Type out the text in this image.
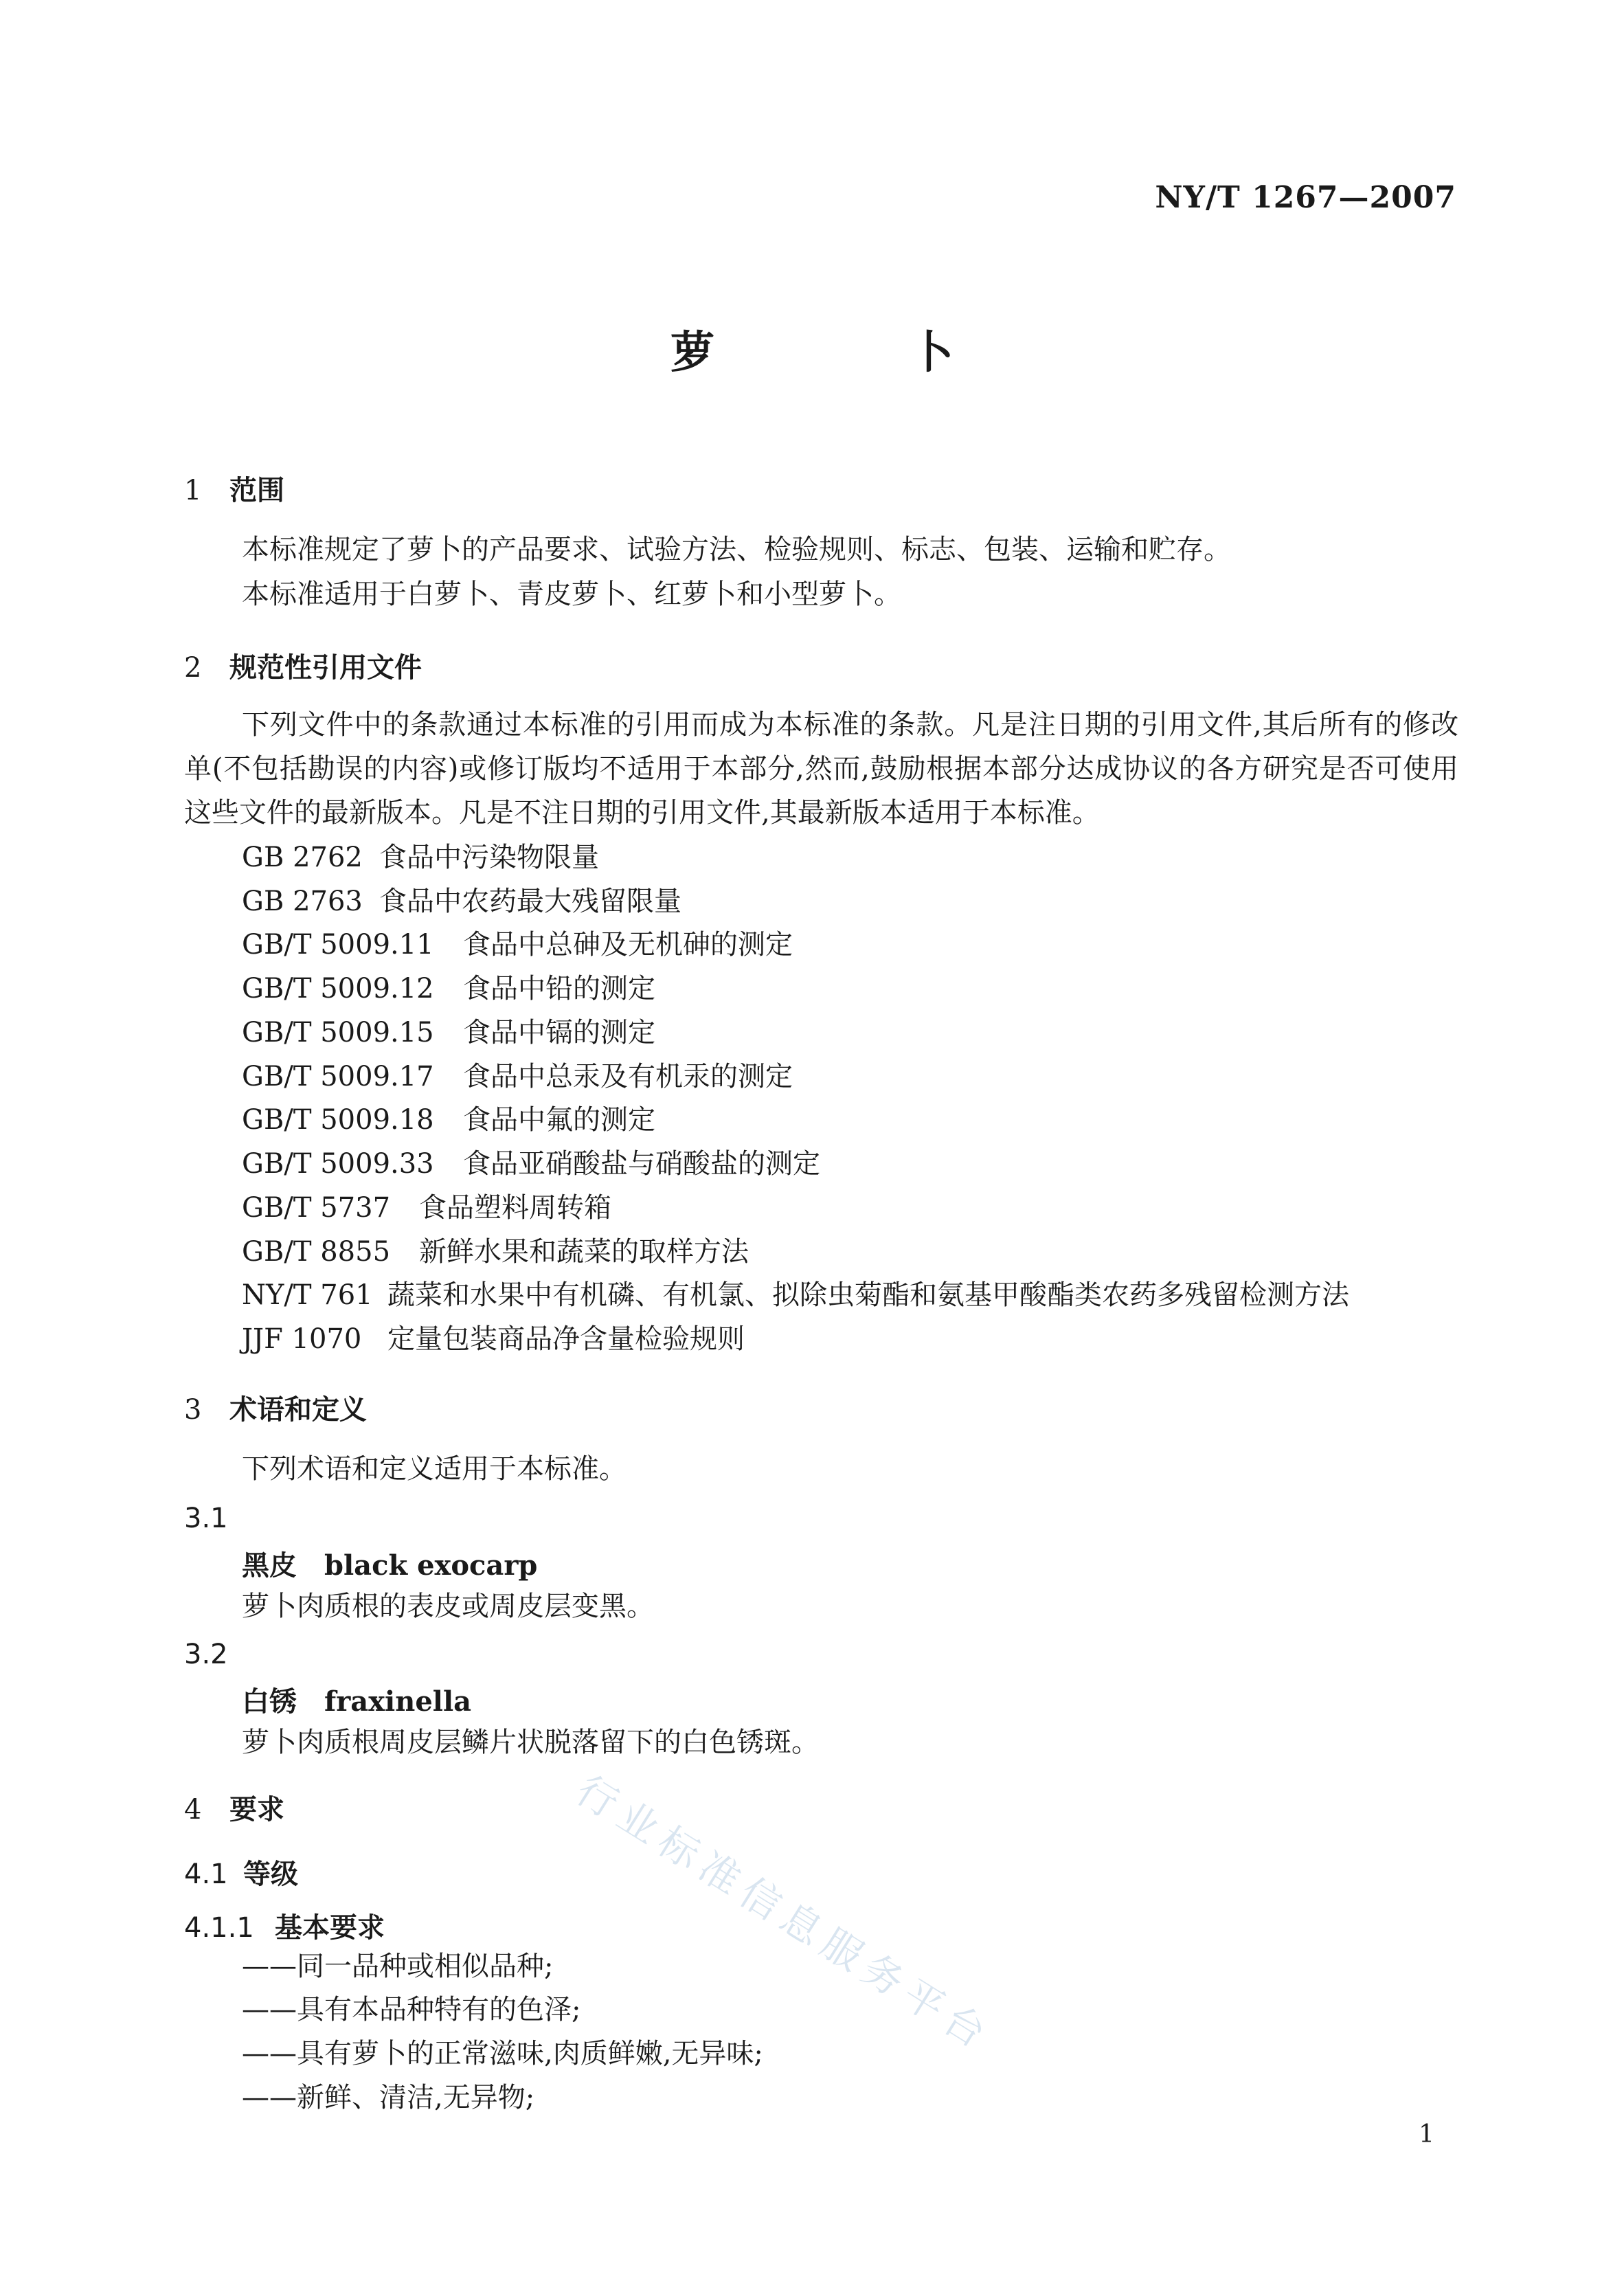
NY/T 1267—2007
萝　卜
1 范围
本标准规定了萝卜的产品要求、试验方法、检验规则、标志、包装、运输和贮存。
本标准适用于白萝卜、青皮萝卜、红萝卜和小型萝卜。
2 规范性引用文件
下列文件中的条款通过本标准的引用而成为本标准的条款。凡是注日期的引用文件,其后所有的修改单(不包括勘误的内容)或修订版均不适用于本部分,然而,鼓励根据本部分达成协议的各方研究是否可使用这些文件的最新版本。凡是不注日期的引用文件,其最新版本适用于本标准。
GB 2762 食品中污染物限量
GB 2763 食品中农药最大残留限量
GB/T 5009.11 食品中总砷及无机砷的测定
GB/T 5009.12 食品中铅的测定
GB/T 5009.15 食品中镉的测定
GB/T 5009.17 食品中总汞及有机汞的测定
GB/T 5009.18 食品中氟的测定
GB/T 5009.33 食品亚硝酸盐与硝酸盐的测定
GB/T 5737 食品塑料周转箱
GB/T 8855 新鲜水果和蔬菜的取样方法
NY/T 761 蔬菜和水果中有机磷、有机氯、拟除虫菊酯和氨基甲酸酯类农药多残留检测方法
JJF 1070 定量包装商品净含量检验规则
3 术语和定义
下列术语和定义适用于本标准。
3.1
黑皮 black exocarp
萝卜肉质根的表皮或周皮层变黑。
3.2
白锈 fraxinella
萝卜肉质根周皮层鳞片状脱落留下的白色锈斑。
4 要求
4.1 等级
4.1.1 基本要求
——同一品种或相似品种;
——具有本品种特有的色泽;
——具有萝卜的正常滋味,肉质鲜嫩,无异味;
——新鲜、清洁,无异物;
行业标准信息服务平台
1
